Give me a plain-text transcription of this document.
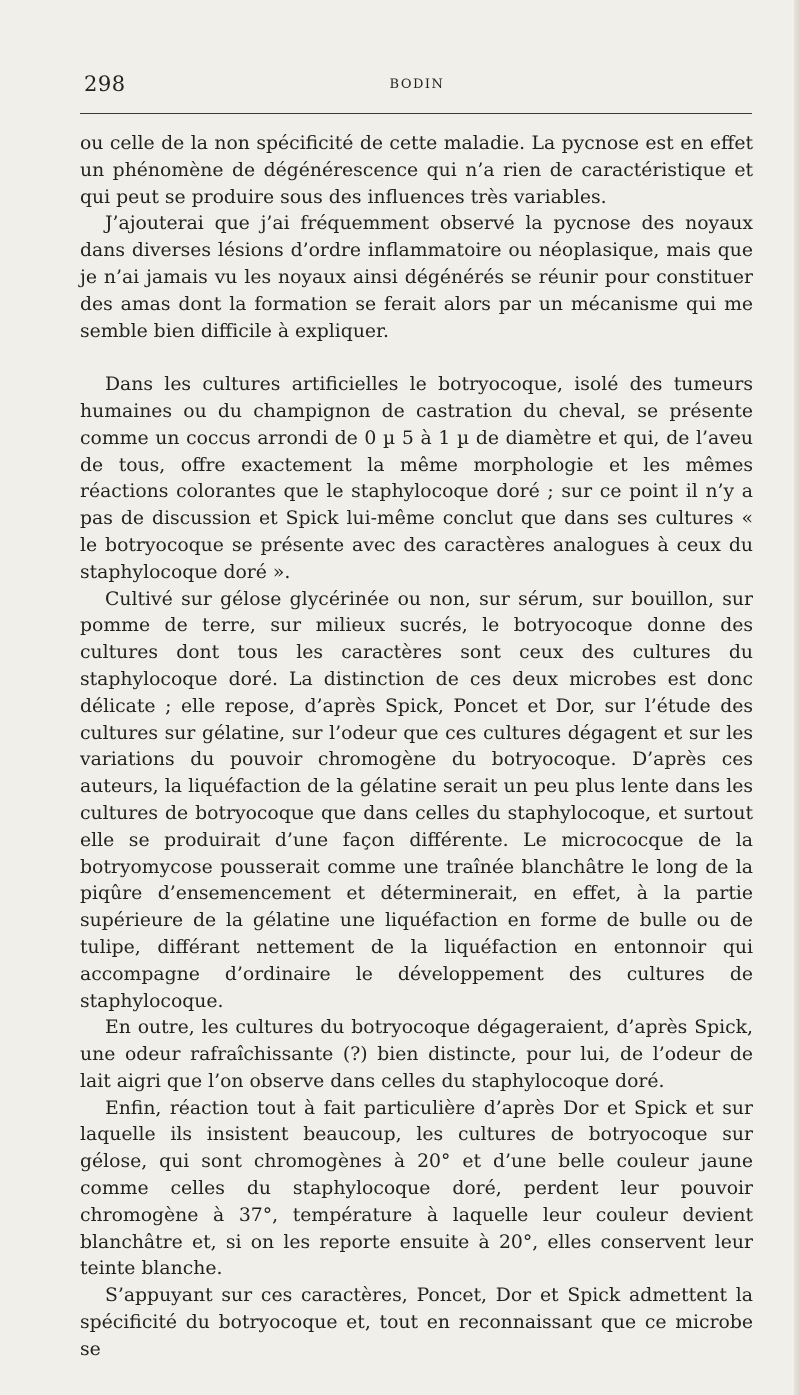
298	BODIN

ou celle de la non spécificité de cette maladie. La pycnose est en effet un phénomène de dégénérescence qui n’a rien de caractéristique et qui peut se produire sous des influences très variables.

J’ajouterai que j’ai fréquemment observé la pycnose des noyaux dans diverses lésions d’ordre inflammatoire ou néoplasique, mais que je n’ai jamais vu les noyaux ainsi dégénérés se réunir pour constituer des amas dont la formation se ferait alors par un mécanisme qui me semble bien difficile à expliquer.

Dans les cultures artificielles le botryocoque, isolé des tumeurs humaines ou du champignon de castration du cheval, se présente comme un coccus arrondi de 0 µ 5 à 1 µ de diamètre et qui, de l’aveu de tous, offre exactement la même morphologie et les mêmes réactions colorantes que le staphylocoque doré ; sur ce point il n’y a pas de discussion et Spick lui-même conclut que dans ses cultures « le botryocoque se présente avec des caractères analogues à ceux du staphylocoque doré ».

Cultivé sur gélose glycérinée ou non, sur sérum, sur bouillon, sur pomme de terre, sur milieux sucrés, le botryocoque donne des cultures dont tous les caractères sont ceux des cultures du staphylocoque doré. La distinction de ces deux microbes est donc délicate ; elle repose, d’après Spick, Poncet et Dor, sur l’étude des cultures sur gélatine, sur l’odeur que ces cultures dégagent et sur les variations du pouvoir chromogène du botryocoque. D’après ces auteurs, la liquéfaction de la gélatine serait un peu plus lente dans les cultures de botryocoque que dans celles du staphylocoque, et surtout elle se produirait d’une façon différente. Le micrococque de la botryomycose pousserait comme une traînée blanchâtre le long de la piqûre d’ensemencement et déterminerait, en effet, à la partie supérieure de la gélatine une liquéfaction en forme de bulle ou de tulipe, différant nettement de la liquéfaction en entonnoir qui accompagne d’ordinaire le développement des cultures de staphylocoque.

En outre, les cultures du botryocoque dégageraient, d’après Spick, une odeur rafraîchissante (?) bien distincte, pour lui, de l’odeur de lait aigri que l’on observe dans celles du staphylocoque doré.

Enfin, réaction tout à fait particulière d’après Dor et Spick et sur laquelle ils insistent beaucoup, les cultures de botryocoque sur gélose, qui sont chromogènes à 20° et d’une belle couleur jaune comme celles du staphylocoque doré, perdent leur pouvoir chromogène à 37°, température à laquelle leur couleur devient blanchâtre et, si on les reporte ensuite à 20°, elles conservent leur teinte blanche.

S’appuyant sur ces caractères, Poncet, Dor et Spick admettent la spécificité du botryocoque et, tout en reconnaissant que ce microbe se
